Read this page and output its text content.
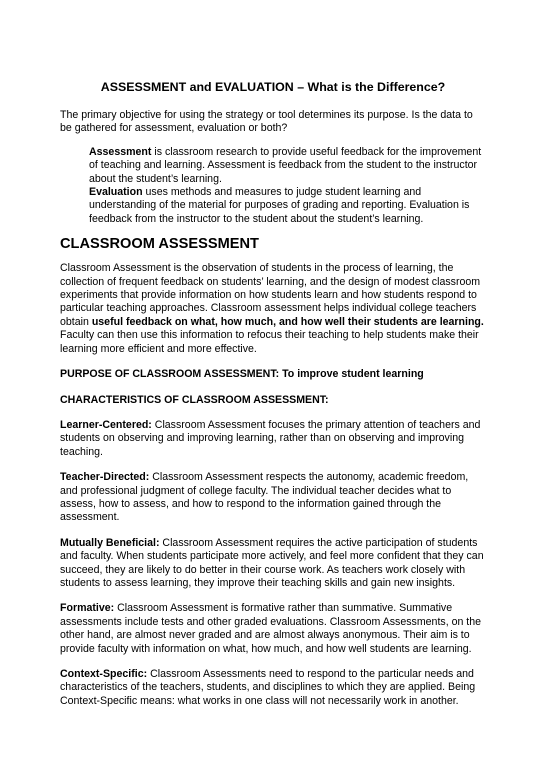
ASSESSMENT and EVALUATION – What is the Difference?

The primary objective for using the strategy or tool determines its purpose. Is the data to be gathered for assessment, evaluation or both?

Assessment is classroom research to provide useful feedback for the improvement of teaching and learning. Assessment is feedback from the student to the instructor about the student’s learning.

Evaluation uses methods and measures to judge student learning and understanding of the material for purposes of grading and reporting. Evaluation is feedback from the instructor to the student about the student’s learning.

CLASSROOM ASSESSMENT

Classroom Assessment is the observation of students in the process of learning, the collection of frequent feedback on students’ learning, and the design of modest classroom experiments that provide information on how students learn and how students respond to particular teaching approaches. Classroom assessment helps individual college teachers obtain useful feedback on what, how much, and how well their students are learning. Faculty can then use this information to refocus their teaching to help students make their learning more efficient and more effective.

PURPOSE OF CLASSROOM ASSESSMENT: To improve student learning

CHARACTERISTICS OF CLASSROOM ASSESSMENT:

Learner-Centered: Classroom Assessment focuses the primary attention of teachers and students on observing and improving learning, rather than on observing and improving teaching.

Teacher-Directed: Classroom Assessment respects the autonomy, academic freedom, and professional judgment of college faculty. The individual teacher decides what to assess, how to assess, and how to respond to the information gained through the assessment.

Mutually Beneficial: Classroom Assessment requires the active participation of students and faculty. When students participate more actively, and feel more confident that they can succeed, they are likely to do better in their course work. As teachers work closely with students to assess learning, they improve their teaching skills and gain new insights.

Formative: Classroom Assessment is formative rather than summative. Summative assessments include tests and other graded evaluations. Classroom Assessments, on the other hand, are almost never graded and are almost always anonymous. Their aim is to provide faculty with information on what, how much, and how well students are learning.

Context-Specific: Classroom Assessments need to respond to the particular needs and characteristics of the teachers, students, and disciplines to which they are applied. Being Context-Specific means: what works in one class will not necessarily work in another.
